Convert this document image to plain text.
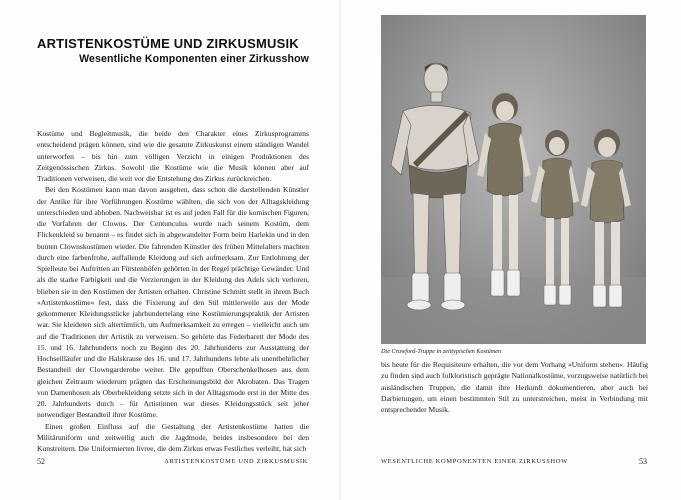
ARTISTENKOSTÜME UND ZIRKUSMUSIK
Wesentliche Komponenten einer Zirkusshow

Kostüme und Begleitmusik, die beide den Charakter eines Zirkusprogramms entscheidend prägen können, sind wie die gesamte Zirkuskunst einem ständigen Wandel unterworfen – bis hin zum völligen Verzicht in einigen Produktionen des Zeitgenössischen Zirkus. Sowohl die Kostüme wie die Musik können aber auf Traditionen verweisen, die weit vor die Entstehung des Zirkus zurückreichen.

Bei den Kostümen kann man davon ausgehen, dass schon die darstellenden Künstler der Antike für ihre Vorführungen Kostüme wählten, die sich von der Alltagskleidung unterschieden und abhoben. Nachweisbar ist es auf jeden Fall für die komischen Figuren, die Vorfahren der Clowns. Der Centunculus wurde nach seinem Kostüm, dem Flickenkleid so benannt – es findet sich in abgewandelter Form beim Harlekin und in den bunten Clownskostümen wieder. Die fahrenden Künstler des frühen Mittelalters machten durch eine farbenfrohe, auffallende Kleidung auf sich aufmerksam. Zur Entlohnung der Spielleute bei Auftritten an Fürstenhöfen gehörten in der Regel prächtige Gewänder. Und als die starke Farbigkeit und die Verzierungen in der Kleidung des Adels sich verloren, blieben sie in den Kostümen der Artisten erhalten. Christine Schmitt stellt in ihrem Buch »Artistenkostüme« fest, dass die Fixierung auf den Stil mittlerweile aus der Mode gekommener Kleidungsstücke jahrhundertelang eine Kostümierungspraktik der Artisten war. Sie kleideten sich altertümlich, um Aufmerksamkeit zu erregen – vielleicht auch um auf die Traditionen der Artistik zu verweisen. So gehörte das Federbarett der Mode des 15. und 16. Jahrhunderts noch zu Beginn des 20. Jahrhunderts zur Ausstattung der Hochseilläufer und die Halskrause des 16. und 17. Jahrhunderts lebte als unentbehrlicher Bestandteil der Clowngarderobe weiter. Die gepufften Oberschenkelhosen aus dem gleichen Zeitraum wiederum prägten das Erscheinungsbild der Akrobaten. Das Tragen von Damenhosen als Oberbekleidung setzte sich in der Alltagsmode erst in der Mitte des 20. Jahrhunderts durch – für Artistinnen war dieses Kleidungsstück seit jeher notwendiger Bestandteil ihrer Kostüme.

Einen großen Einfluss auf die Gestaltung der Artistenkostüme hatten die Militäruniform und zeitweilig auch die Jagdmode, beides insbesondere bei den Kunstreitern. Die Uniformierten livree, die dem Zirkus etwas Festliches verleiht, hat sich

52	ARTISTENKOSTÜME UND ZIRKUSMUSIK

Die Crawford-Truppe in zeittypischen Kostümen

bis heute für die Requisiteure erhalten, die vor dem Vorhang »Uniform stehen«. Häufig zu finden sind auch folkloristisch geprägte Nationalkostüme, vorzugsweise natürlich bei ausländischen Truppen, die damit ihre Herkunft dokumentieren, aber auch bei Darbietungen, um einen bestimmten Stil zu unterstreichen, meist in Verbindung mit entsprechender Musik.

WESENTLICHE KOMPONENTEN EINER ZIRKUSSHOW	53
